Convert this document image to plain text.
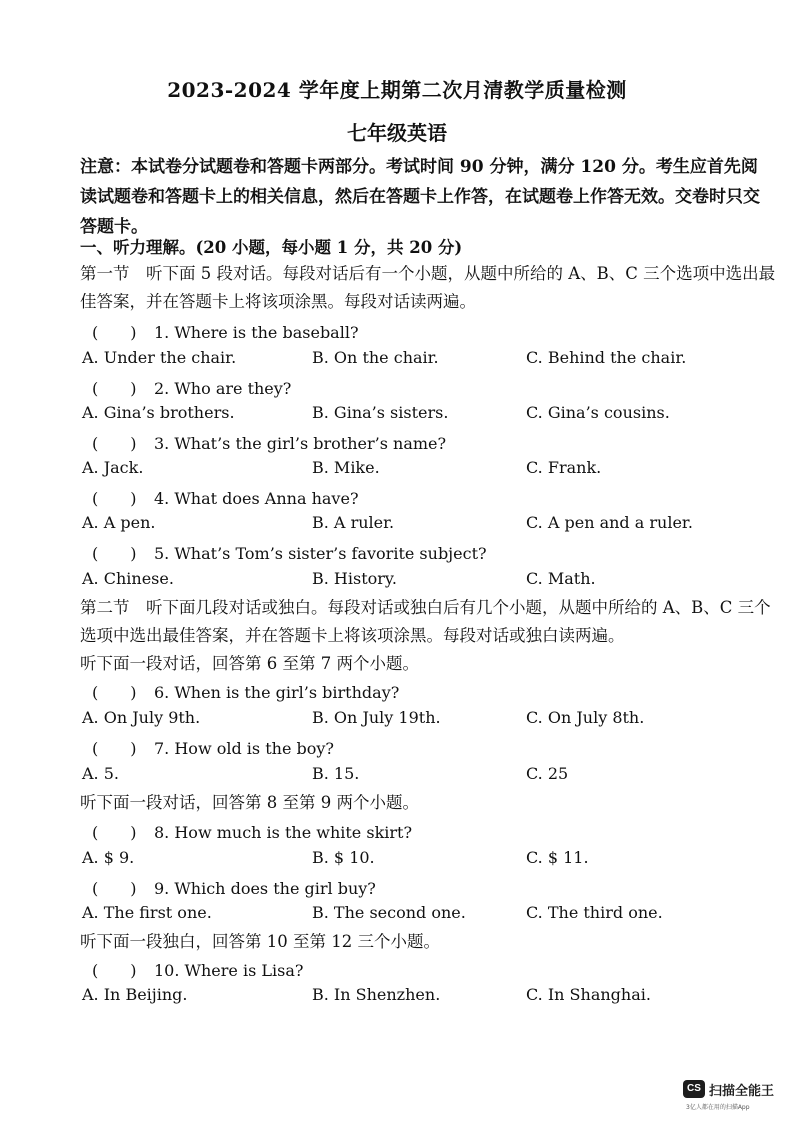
2023-2024 学年度上期第二次月清教学质量检测
七年级英语
注意：本试卷分试题卷和答题卡两部分。考试时间 90 分钟，满分 120 分。考生应首先阅读试题卷和答题卡上的相关信息，然后在答题卡上作答，在试题卷上作答无效。交卷时只交答题卡。
一、听力理解。(20 小题，每小题 1 分，共 20 分)
第一节　听下面 5 段对话。每段对话后有一个小题，从题中所给的 A、B、C 三个选项中选出最佳答案，并在答题卡上将该项涂黑。每段对话读两遍。
(　　) 1. Where is the baseball?
A. Under the chair.	B. On the chair.	C. Behind the chair.
(　　) 2. Who are they?
A. Gina’s brothers.	B. Gina’s sisters.	C. Gina’s cousins.
(　　) 3. What’s the girl’s brother’s name?
A. Jack.	B. Mike.	C. Frank.
(　　) 4. What does Anna have?
A. A pen.	B. A ruler.	C. A pen and a ruler.
(　　) 5. What’s Tom’s sister’s favorite subject?
A. Chinese.	B. History.	C. Math.
第二节　听下面几段对话或独白。每段对话或独白后有几个小题，从题中所给的 A、B、C 三个选项中选出最佳答案，并在答题卡上将该项涂黑。每段对话或独白读两遍。
听下面一段对话，回答第 6 至第 7 两个小题。
(　　) 6. When is the girl’s birthday?
A. On July 9th.	B. On July 19th.	C. On July 8th.
(　　) 7. How old is the boy?
A. 5.	B. 15.	C. 25
听下面一段对话，回答第 8 至第 9 两个小题。
(　　) 8. How much is the white skirt?
A. $ 9.	B. $ 10.	C. $ 11.
(　　) 9. Which does the girl buy?
A. The first one.	B. The second one.	C. The third one.
听下面一段独白，回答第 10 至第 12 三个小题。
(　　) 10. Where is Lisa?
A. In Beijing.	B. In Shenzhen.	C. In Shanghai.
CS 扫描全能王
3亿人都在用的扫描App
